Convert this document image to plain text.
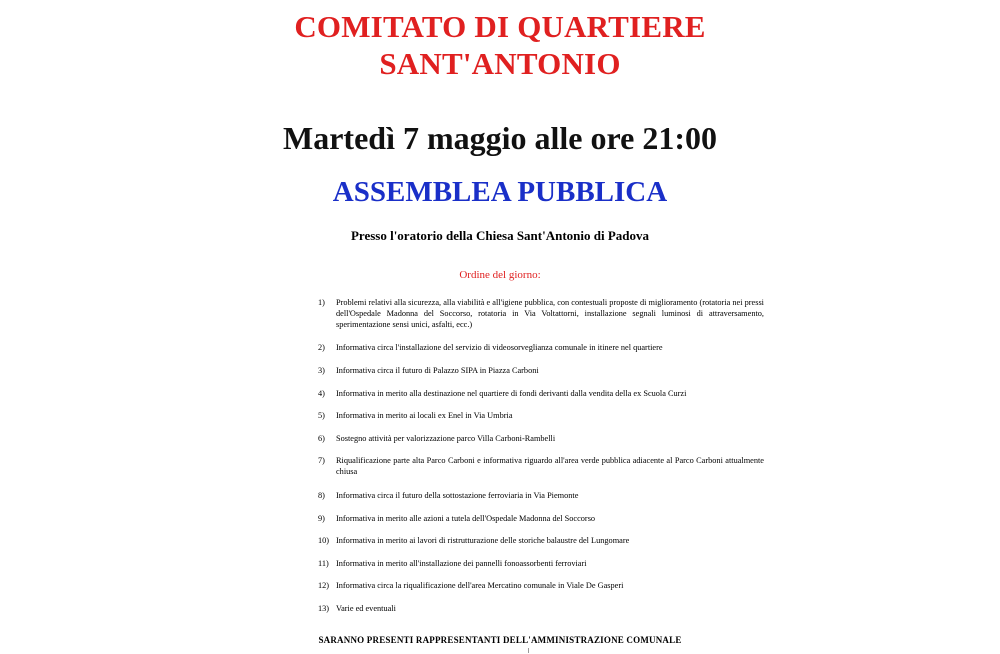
COMITATO DI QUARTIERE
SANT'ANTONIO
Martedì 7 maggio alle ore 21:00
ASSEMBLEA PUBBLICA
Presso l'oratorio della Chiesa Sant'Antonio di Padova
Ordine del giorno:
1)	Problemi relativi alla sicurezza, alla viabilità e all'igiene pubblica, con contestuali proposte di miglioramento (rotatoria nei pressi dell'Ospedale Madonna del Soccorso, rotatoria in Via Voltattorni, installazione segnali luminosi di attraversamento, sperimentazione sensi unici, asfalti, ecc.)
2)	Informativa circa l'installazione del servizio di videosorveglianza comunale in itinere nel quartiere
3)	Informativa circa il futuro di Palazzo SIPA in Piazza Carboni
4)	Informativa in merito alla destinazione nel quartiere di fondi derivanti dalla vendita della ex Scuola Curzi
5)	Informativa in merito ai locali ex Enel in Via Umbria
6)	Sostegno attività per valorizzazione parco Villa Carboni-Rambelli
7)	Riqualificazione parte alta Parco Carboni e informativa riguardo all'area verde pubblica adiacente al Parco Carboni attualmente chiusa
8)	Informativa circa il futuro della sottostazione ferroviaria in Via Piemonte
9)	Informativa in merito alle azioni a tutela dell'Ospedale Madonna del Soccorso
10) Informativa in merito ai lavori di ristrutturazione delle storiche balaustre del Lungomare
11) Informativa in merito all'installazione dei pannelli fonoassorbenti ferroviari
12) Informativa circa la riqualificazione dell'area Mercatino comunale in Viale De Gasperi
13) Varie ed eventuali
SARANNO PRESENTI RAPPRESENTANTI DELL'AMMINISTRAZIONE COMUNALE
